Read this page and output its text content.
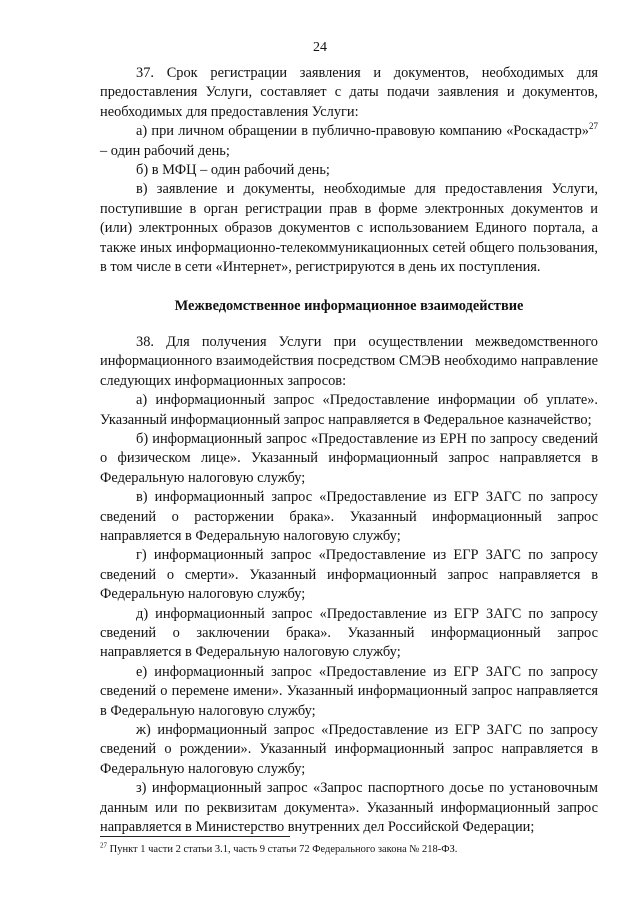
24

37. Срок регистрации заявления и документов, необходимых для предоставления Услуги, составляет с даты подачи заявления и документов, необходимых для предоставления Услуги:

а) при личном обращении в публично-правовую компанию «Роскадастр»$^{27}$ – один рабочий день;

б) в МФЦ – один рабочий день;

в) заявление и документы, необходимые для предоставления Услуги, поступившие в орган регистрации прав в форме электронных документов и (или) электронных образов документов с использованием Единого портала, а также иных информационно-телекоммуникационных сетей общего пользования, в том числе в сети «Интернет», регистрируются в день их поступления.

Межведомственное информационное взаимодействие

38. Для получения Услуги при осуществлении межведомственного информационного взаимодействия посредством СМЭВ необходимо направление следующих информационных запросов:

а) информационный запрос «Предоставление информации об уплате». Указанный информационный запрос направляется в Федеральное казначейство;

б) информационный запрос «Предоставление из ЕРН по запросу сведений о физическом лице». Указанный информационный запрос направляется в Федеральную налоговую службу;

в) информационный запрос «Предоставление из ЕГР ЗАГС по запросу сведений о расторжении брака». Указанный информационный запрос направляется в Федеральную налоговую службу;

г) информационный запрос «Предоставление из ЕГР ЗАГС по запросу сведений о смерти». Указанный информационный запрос направляется в Федеральную налоговую службу;

д) информационный запрос «Предоставление из ЕГР ЗАГС по запросу сведений о заключении брака». Указанный информационный запрос направляется в Федеральную налоговую службу;

е) информационный запрос «Предоставление из ЕГР ЗАГС по запросу сведений о перемене имени». Указанный информационный запрос направляется в Федеральную налоговую службу;

ж) информационный запрос «Предоставление из ЕГР ЗАГС по запросу сведений о рождении». Указанный информационный запрос направляется в Федеральную налоговую службу;

з) информационный запрос «Запрос паспортного досье по установочным данным или по реквизитам документа». Указанный информационный запрос направляется в Министерство внутренних дел Российской Федерации;

$^{27}$ Пункт 1 части 2 статьи 3.1, часть 9 статьи 72 Федерального закона № 218-ФЗ.
